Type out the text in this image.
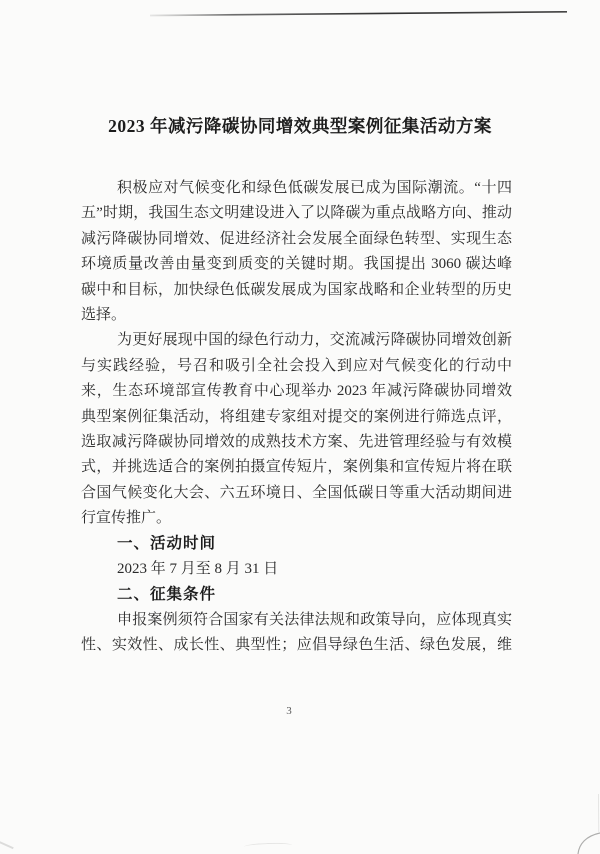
2023 年减污降碳协同增效典型案例征集活动方案
积极应对气候变化和绿色低碳发展已成为国际潮流。“十四
五”时期，我国生态文明建设进入了以降碳为重点战略方向、推动
减污降碳协同增效、促进经济社会发展全面绿色转型、实现生态
环境质量改善由量变到质变的关键时期。我国提出 3060 碳达峰
碳中和目标，加快绿色低碳发展成为国家战略和企业转型的历史
选择。
为更好展现中国的绿色行动力，交流减污降碳协同增效创新
与实践经验，号召和吸引全社会投入到应对气候变化的行动中
来，生态环境部宣传教育中心现举办 2023 年减污降碳协同增效
典型案例征集活动，将组建专家组对提交的案例进行筛选点评，
选取减污降碳协同增效的成熟技术方案、先进管理经验与有效模
式，并挑选适合的案例拍摄宣传短片，案例集和宣传短片将在联
合国气候变化大会、六五环境日、全国低碳日等重大活动期间进
行宣传推广。
一、活动时间
2023 年 7 月至 8 月 31 日
二、征集条件
申报案例须符合国家有关法律法规和政策导向，应体现真实
性、实效性、成长性、典型性；应倡导绿色生活、绿色发展，维
3
